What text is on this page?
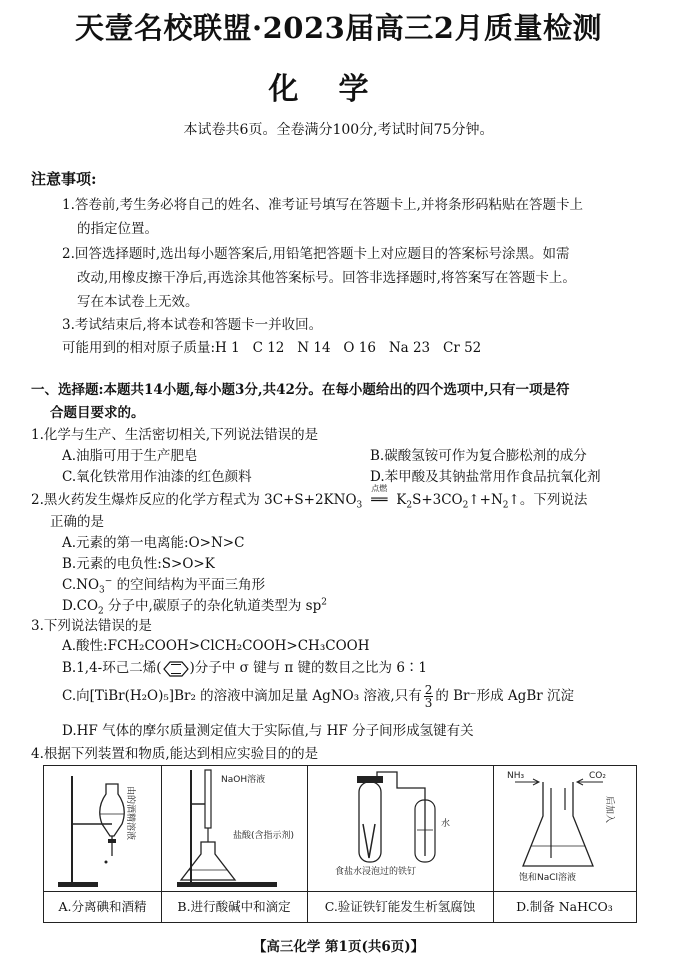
天壹名校联盟·2023届高三2月质量检测
化学
本试卷共6页。全卷满分100分,考试时间75分钟。
注意事项:
1.答卷前,考生务必将自己的姓名、准考证号填写在答题卡上,并将条形码粘贴在答题卡上
的指定位置。
2.回答选择题时,选出每小题答案后,用铅笔把答题卡上对应题目的答案标号涂黑。如需
改动,用橡皮擦干净后,再选涂其他答案标号。回答非选择题时,将答案写在答题卡上。
写在本试卷上无效。
3.考试结束后,将本试卷和答题卡一并收回。
可能用到的相对原子质量:H 1   C 12   N 14   O 16   Na 23   Cr 52
一、选择题:本题共14小题,每小题3分,共42分。在每小题给出的四个选项中,只有一项是符
合题目要求的。
1.化学与生产、生活密切相关,下列说法错误的是
A.油脂可用于生产肥皂	B.碳酸氢铵可作为复合膨松剂的成分
C.氧化铁常用作油漆的红色颜料	D.苯甲酸及其钠盐常用作食品抗氧化剂
2.黑火药发生爆炸反应的化学方程式为 $3C+S+2KNO_3$
点燃
══ $K_2S+3CO_2↑+N_2↑$。下列说法
正确的是
A.元素的第一电离能:O>N>C
B.元素的电负性:S>O>K
$C.NO_3^-$ 的空间结构为平面三角形
$D.CO_2$ 分子中,碳原子的杂化轨道类型为 $sp^2$
3.下列说法错误的是
A.酸性:FCH₂COOH>ClCH₂COOH>CH₃COOH
B.1,4-环己二烯( )分子中 σ 键与 π 键的数目之比为 6∶1
C.向[TiBr(H₂O)₅]Br₂ 的溶液中滴加足量 AgNO₃ 溶液,只有 $\frac{2}{3}$ 的 Br⁻形成 AgBr 沉淀
D.HF 气体的摩尔质量测定值大于实际值,与 HF 分子间形成氢键有关
4.根据下列装置和物质,能达到相应实验目的的是
由的酒精溶液
A.分离碘和酒精
NaOH溶液
盐酸(含指示剂)
B.进行酸碱中和滴定
水
食盐水浸泡过的铁钉
C.验证铁钉能发生析氢腐蚀
NH₃	CO₂
饱和NaCl溶液
后加入
D.制备 NaHCO₃
【高三化学 第1页(共6页)】
